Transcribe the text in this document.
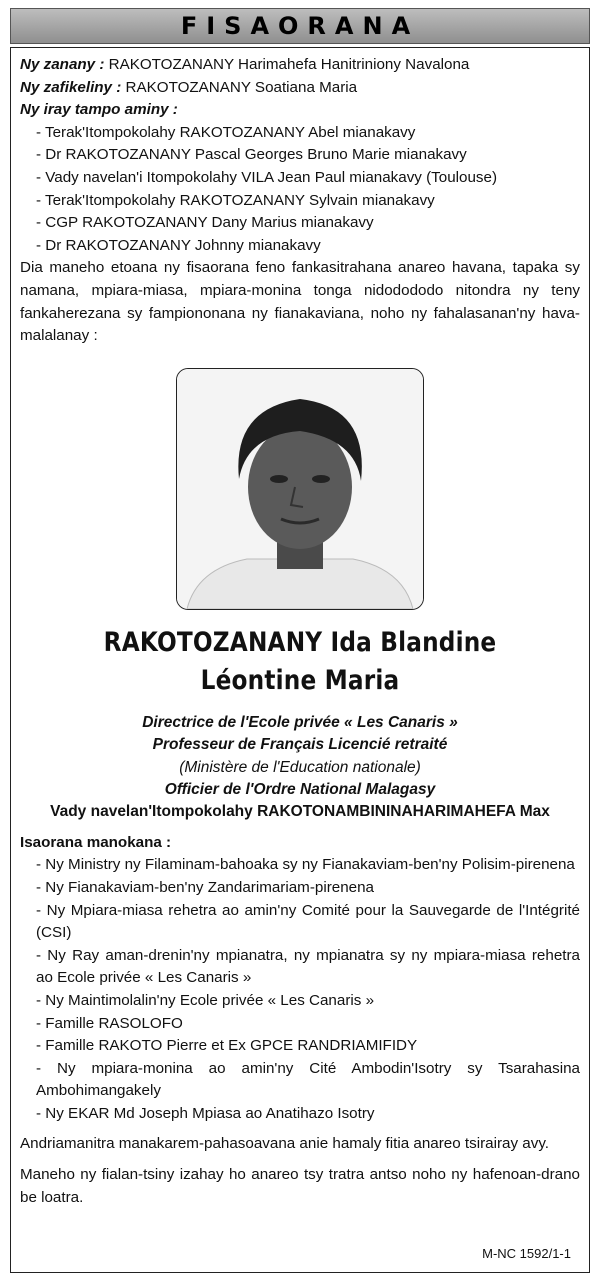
FISAORANA

Ny zanany : RAKOTOZANANY Harimahefa Hanitriniony Navalona

Ny zafikeliny : RAKOTOZANANY Soatiana Maria

Ny iray tampo aminy :

- Terak'Itompokolahy RAKOTOZANANY Abel mianakavy
- Dr RAKOTOZANANY Pascal Georges Bruno Marie mianakavy
- Vady navelan'i Itompokolahy VILA Jean Paul mianakavy (Toulouse)
- Terak'Itompokolahy RAKOTOZANANY Sylvain mianakavy
- CGP RAKOTOZANANY Dany Marius mianakavy
- Dr RAKOTOZANANY Johnny mianakavy

Dia maneho etoana ny fisaorana feno fankasitrahana anareo havana, tapaka sy namana, mpiara-miasa, mpiara-monina tonga nidodododo nitondra ny teny fankaherezana sy fampiononana ny fianakaviana, noho ny fahalasanan'ny hava-malalanay :

RAKOTOZANANY Ida Blandine
Léontine Maria
Directrice de l'Ecole privée « Les Canaris »
Professeur de Français Licencié retraité
(Ministère de l'Education nationale)
Officier de l'Ordre National Malagasy
Vady navelan'Itompokolahy RAKOTONAMBININAHARIMAHEFA Max

Isaorana manokana :

- Ny Ministry ny Filaminam-bahoaka sy ny Fianakaviam-ben'ny Polisim-pirenena
- Ny Fianakaviam-ben'ny Zandarimariam-pirenena
- Ny Mpiara-miasa rehetra ao amin'ny Comité pour la Sauvegarde de l'Intégrité (CSI)
- Ny Ray aman-drenin'ny mpianatra, ny mpianatra sy ny mpiara-miasa rehetra ao Ecole privée « Les Canaris »
- Ny Maintimolalin'ny Ecole privée « Les Canaris »
- Famille RASOLOFO
- Famille RAKOTO Pierre et Ex GPCE RANDRIAMIFIDY
- Ny mpiara-monina ao amin'ny Cité Ambodin'Isotry sy Tsarahasina Ambohimangakely
- Ny EKAR Md Joseph Mpiasa ao Anatihazo Isotry

Andriamanitra manakarem-pahasoavana anie hamaly fitia anareo tsirairay avy.

Maneho ny fialan-tsiny izahay ho anareo tsy tratra antso noho ny hafenoan-drano be loatra.

M-NC 1592/1-1
